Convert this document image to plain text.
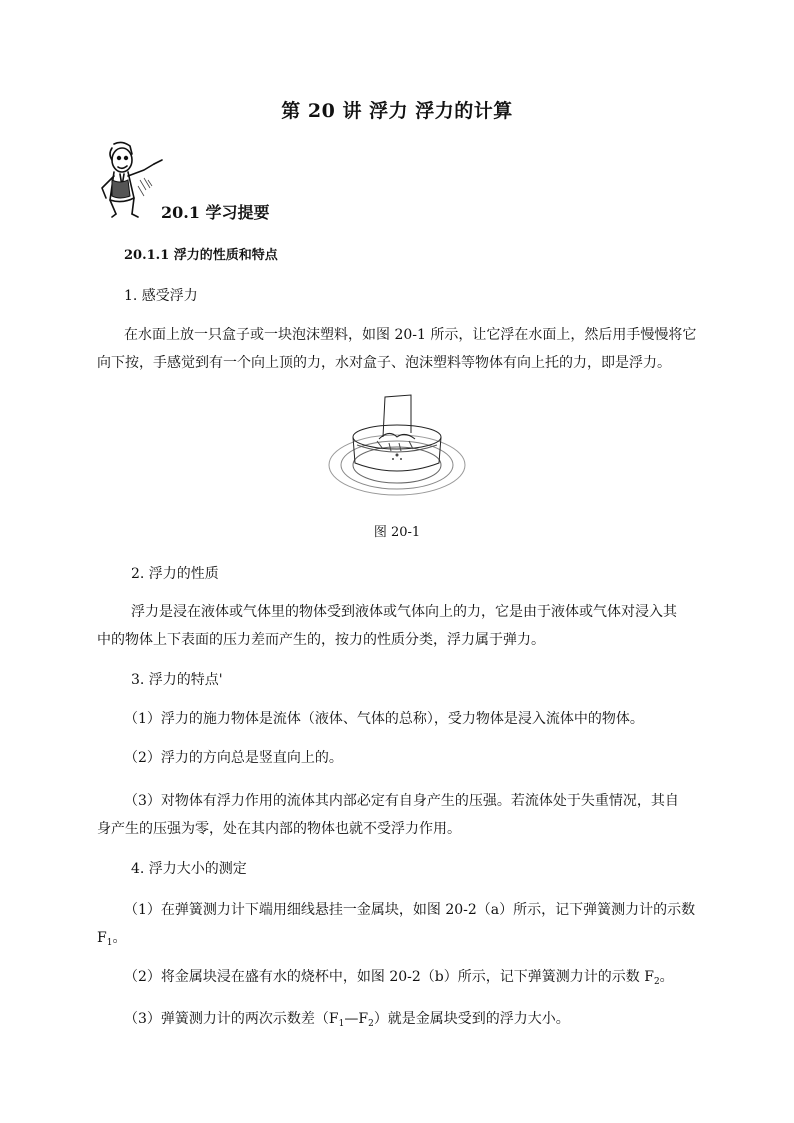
第 20 讲 浮力 浮力的计算
20.1 学习提要
20.1.1 浮力的性质和特点
1. 感受浮力
在水面上放一只盒子或一块泡沫塑料，如图 20-1 所示，让它浮在水面上，然后用手慢慢将它
向下按，手感觉到有一个向上顶的力，水对盒子、泡沫塑料等物体有向上托的力，即是浮力。
图 20-1
2. 浮力的性质
浮力是浸在液体或气体里的物体受到液体或气体向上的力，它是由于液体或气体对浸入其
中的物体上下表面的压力差而产生的，按力的性质分类，浮力属于弹力。
3. 浮力的特点'
（1）浮力的施力物体是流体（液体、气体的总称），受力物体是浸入流体中的物体。
（2）浮力的方向总是竖直向上的。
（3）对物体有浮力作用的流体其内部必定有自身产生的压强。若流体处于失重情况，其自
身产生的压强为零，处在其内部的物体也就不受浮力作用。
4. 浮力大小的测定
（1）在弹簧测力计下端用细线悬挂一金属块，如图 20-2（a）所示，记下弹簧测力计的示数
$F_1$。
（2）将金属块浸在盛有水的烧杯中，如图 20-2（b）所示，记下弹簧测力计的示数 $F_2$。
（3）弹簧测力计的两次示数差$(F_1—F_2)$就是金属块受到的浮力大小。
